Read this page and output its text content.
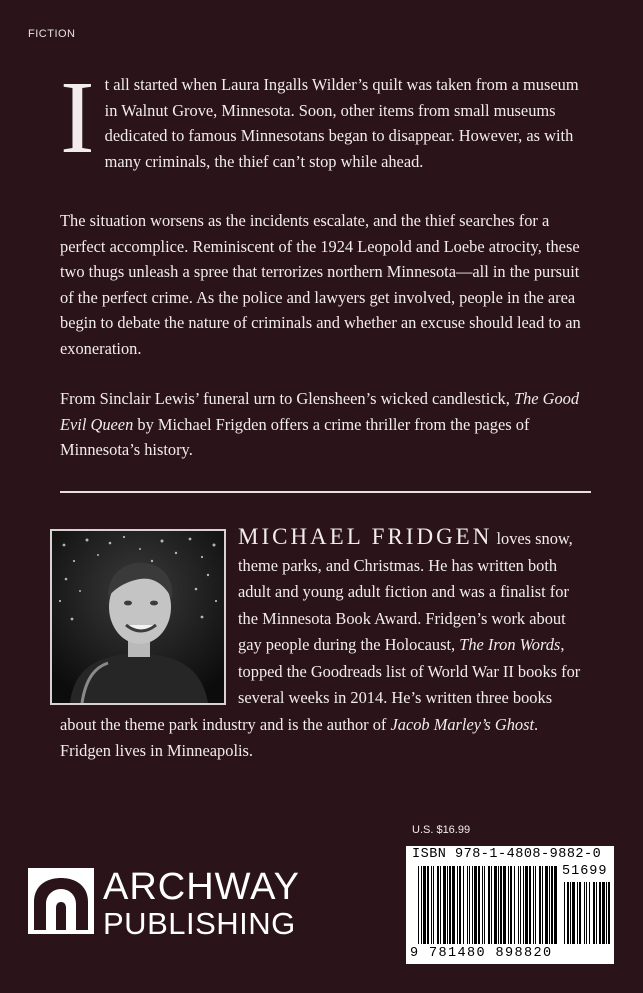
FICTION
I t all started when Laura Ingalls Wilder’s quilt was taken from a museum in Walnut Grove, Minnesota. Soon, other items from small museums dedicated to famous Minnesotans began to disappear. However, as with many criminals, the thief can’t stop while ahead.
The situation worsens as the incidents escalate, and the thief searches for a perfect accomplice. Reminiscent of the 1924 Leopold and Loebe atrocity, these two thugs unleash a spree that terrorizes northern Minnesota—all in the pursuit of the perfect crime. As the police and lawyers get involved, people in the area begin to debate the nature of criminals and whether an excuse should lead to an exoneration.
From Sinclair Lewis’ funeral urn to Glensheen’s wicked candlestick, The Good Evil Queen by Michael Frigden offers a crime thriller from the pages of Minnesota’s history.
MICHAEL FRIDGEN loves snow, theme parks, and Christmas. He has written both adult and young adult fiction and was a finalist for the Minnesota Book Award. Fridgen’s work about gay people during the Holocaust, The Iron Words, topped the Goodreads list of World War II books for several weeks in 2014. He’s written three books about the theme park industry and is the author of Jacob Marley’s Ghost. Fridgen lives in Minneapolis.
U.S. $16.99
ISBN 978-1-4808-9882-0
51699
9 781480 898820
ARCHWAY
PUBLISHING
